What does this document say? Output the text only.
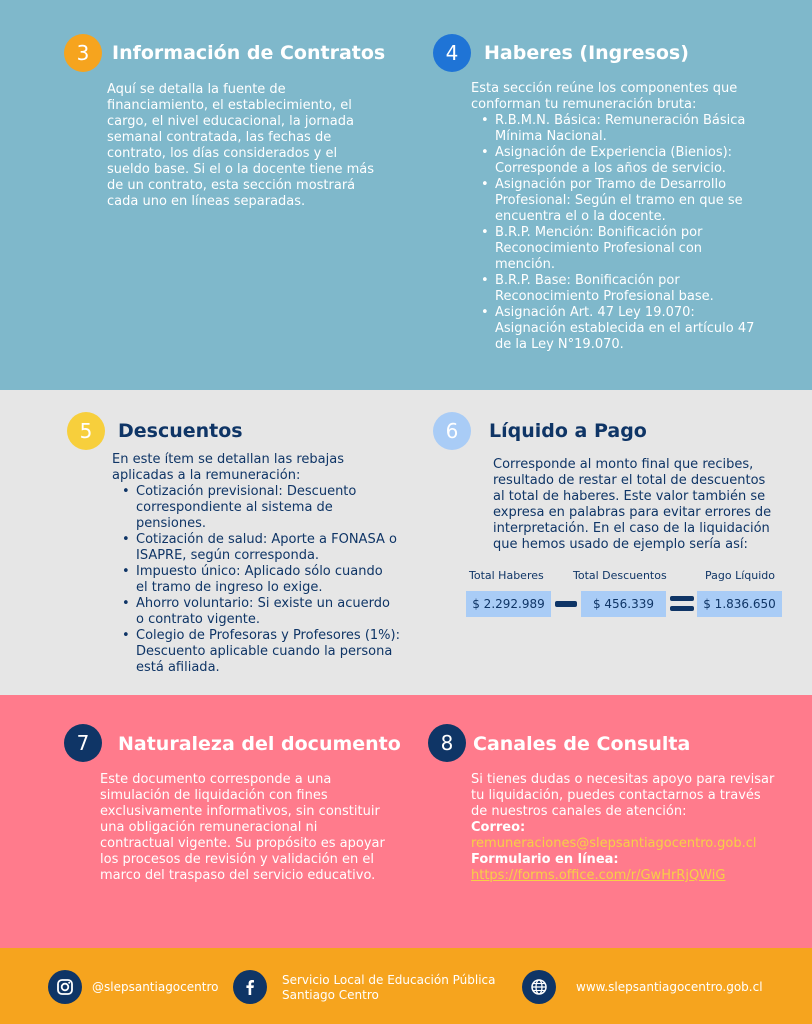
3	Información de Contratos
Aquí se detalla la fuente de
financiamiento, el establecimiento, el
cargo, el nivel educacional, la jornada
semanal contratada, las fechas de
contrato, los días considerados y el
sueldo base. Si el o la docente tiene más
de un contrato, esta sección mostrará
cada uno en líneas separadas.
4	Haberes (Ingresos)
Esta sección reúne los componentes que
conforman tu remuneración bruta:
• R.B.M.N. Básica: Remuneración Básica
Mínima Nacional.
• Asignación de Experiencia (Bienios):
Corresponde a los años de servicio.
• Asignación por Tramo de Desarrollo
Profesional: Según el tramo en que se
encuentra el o la docente.
• B.R.P. Mención: Bonificación por
Reconocimiento Profesional con
mención.
• B.R.P. Base: Bonificación por
Reconocimiento Profesional base.
• Asignación Art. 47 Ley 19.070:
Asignación establecida en el artículo 47
de la Ley N°19.070.
5	Descuentos
En este ítem se detallan las rebajas
aplicadas a la remuneración:
• Cotización previsional: Descuento
correspondiente al sistema de
pensiones.
• Cotización de salud: Aporte a FONASA o
ISAPRE, según corresponda.
• Impuesto único: Aplicado sólo cuando
el tramo de ingreso lo exige.
• Ahorro voluntario: Si existe un acuerdo
o contrato vigente.
• Colegio de Profesoras y Profesores (1%):
Descuento aplicable cuando la persona
está afiliada.
6	Líquido a Pago
Corresponde al monto final que recibes,
resultado de restar el total de descuentos
al total de haberes. Este valor también se
expresa en palabras para evitar errores de
interpretación. En el caso de la liquidación
que hemos usado de ejemplo sería así:
Total Haberes	Total Descuentos	Pago Líquido
$ 2.292.989	$ 456.339	$ 1.836.650
7	Naturaleza del documento
Este documento corresponde a una
simulación de liquidación con fines
exclusivamente informativos, sin constituir
una obligación remuneracional ni
contractual vigente. Su propósito es apoyar
los procesos de revisión y validación en el
marco del traspaso del servicio educativo.
8	Canales de Consulta
Si tienes dudas o necesitas apoyo para revisar
tu liquidación, puedes contactarnos a través
de nuestros canales de atención:
Correo:
remuneraciones@slepsantiagocentro.gob.cl
Formulario en línea:
https://forms.office.com/r/GwHrRjQWiG
@slepsantiagocentro	Servicio Local de Educación Pública
Santiago Centro
www.slepsantiagocentro.gob.cl
